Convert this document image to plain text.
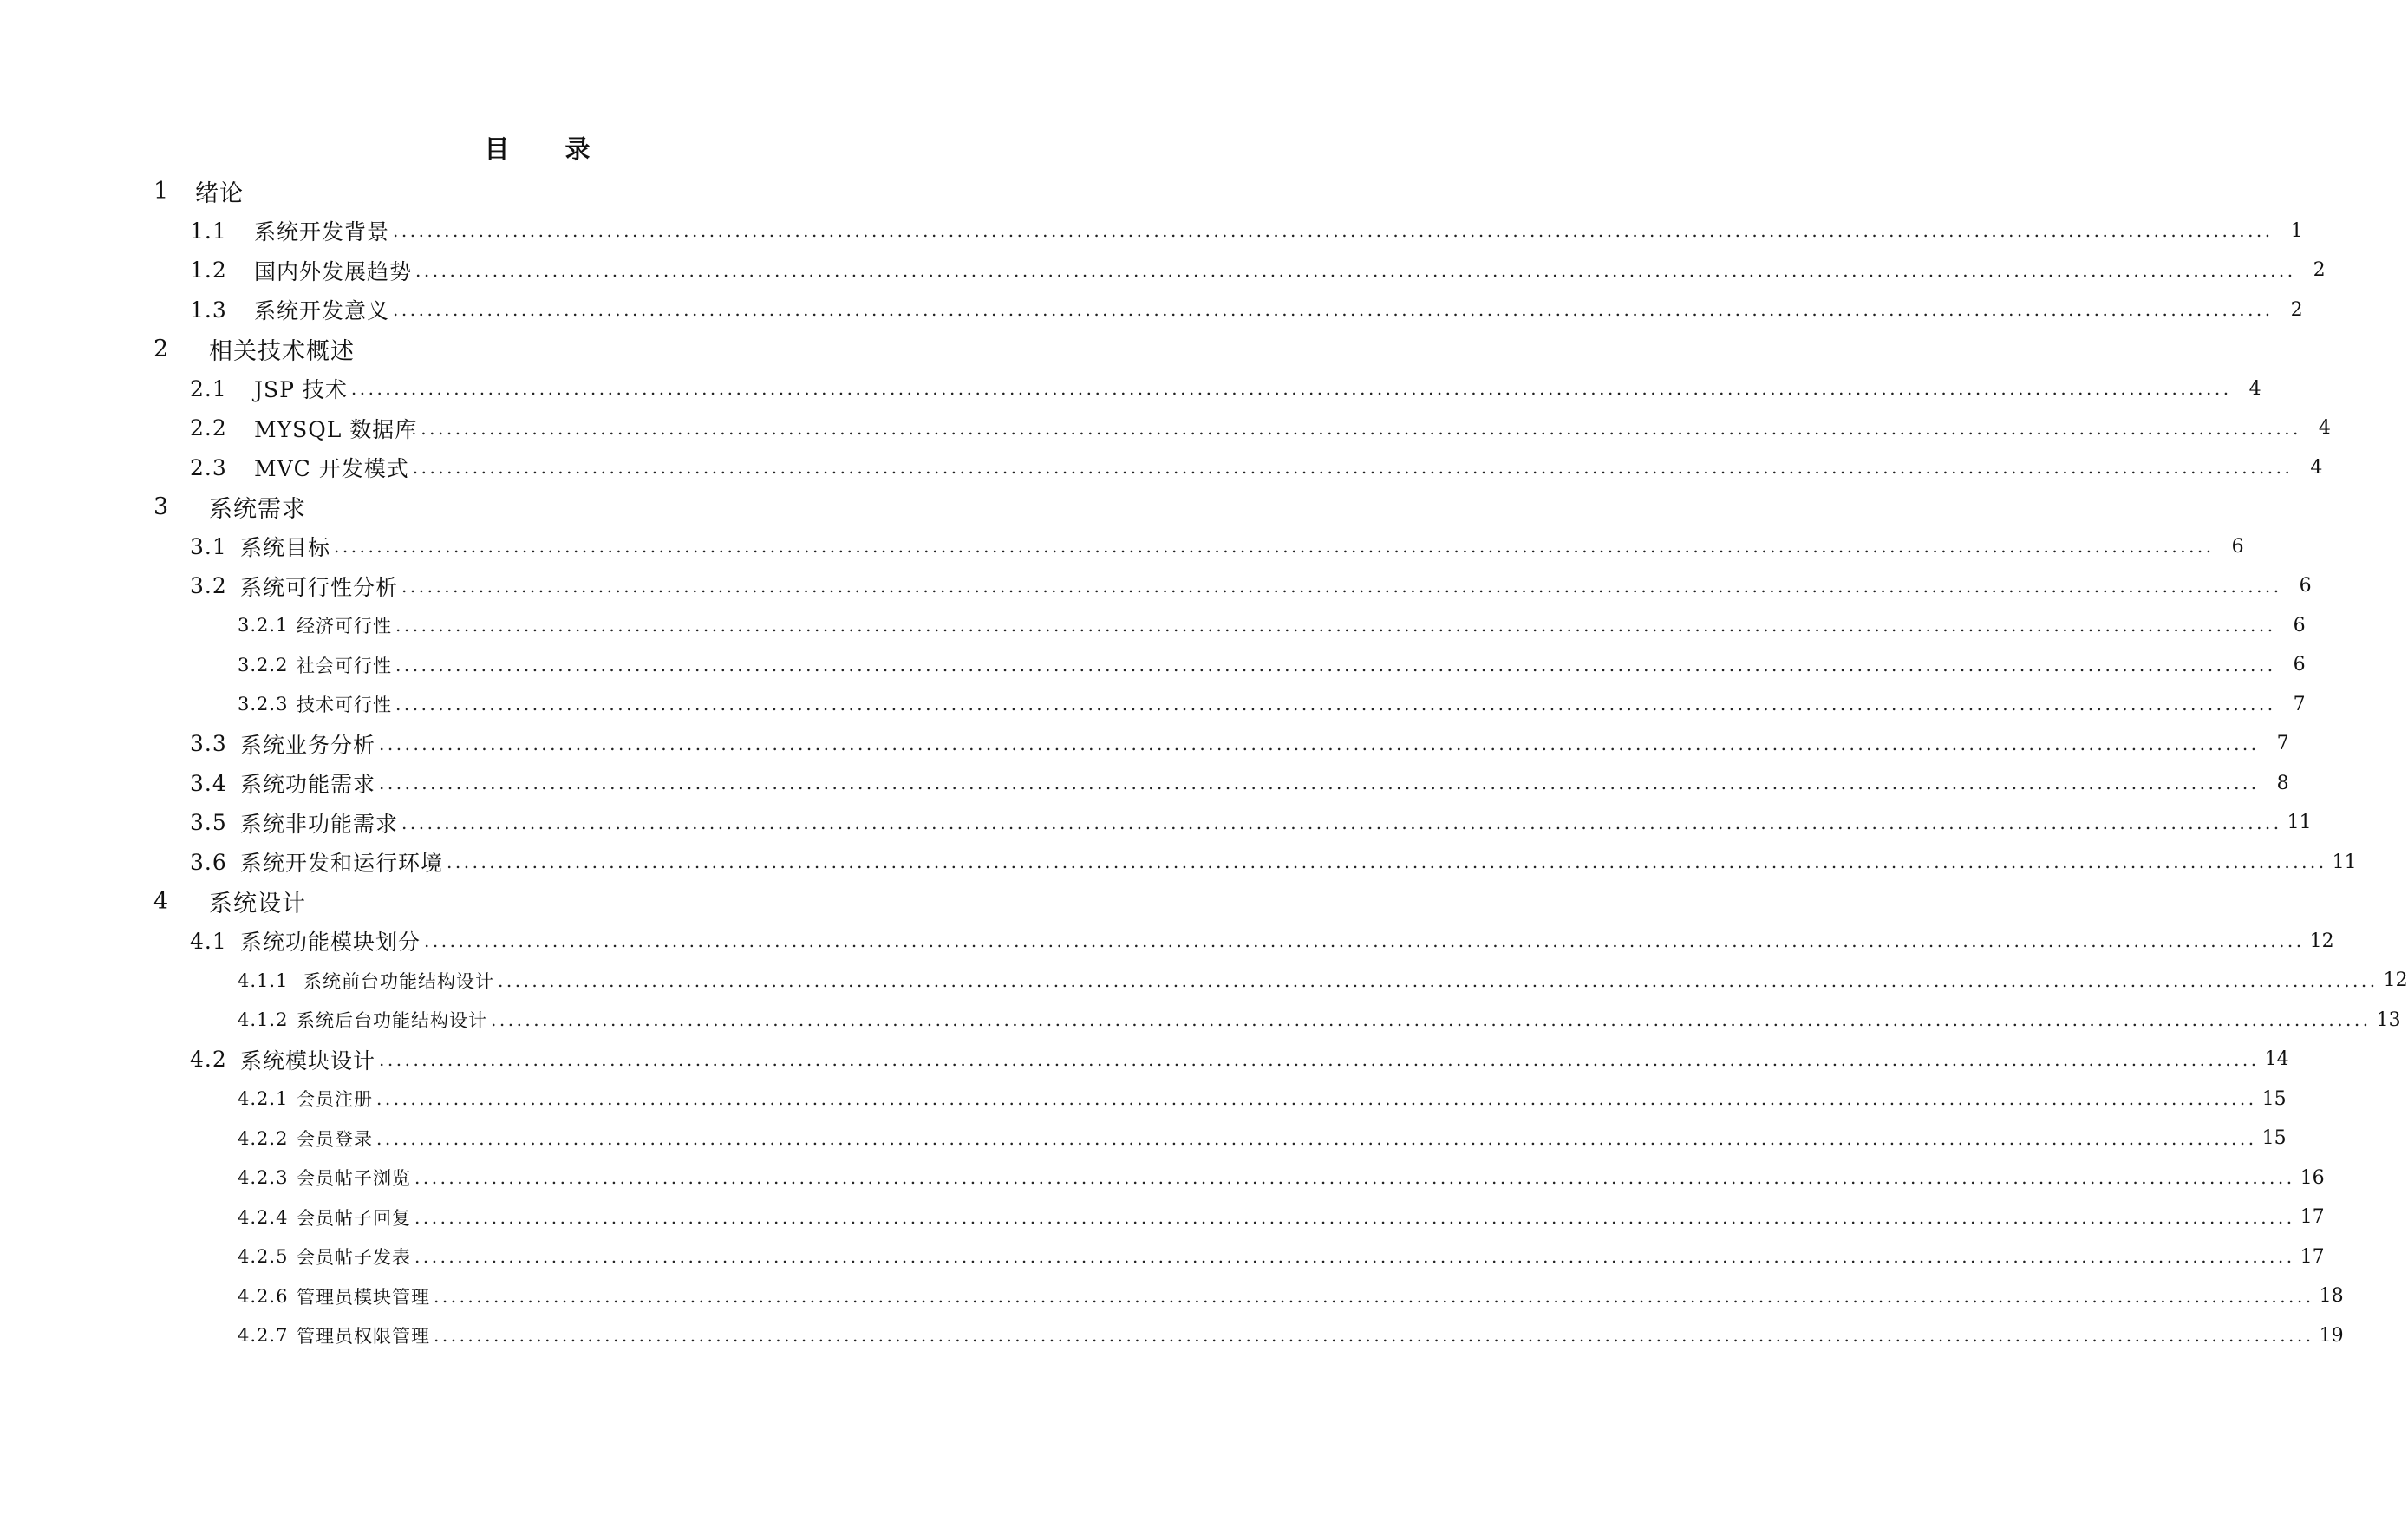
目 录
1	绪论
1.1	系统开发背景 ............................................................................................................................................................................................................................ 1
1.2	国内外发展趋势 ............................................................................................................................................................................................................................ 2
1.3	系统开发意义 ............................................................................................................................................................................................................................ 2
2	相关技术概述
2.1	JSP 技术 ............................................................................................................................................................................................................................ 4
2.2	MYSQL 数据库 ............................................................................................................................................................................................................................ 4
2.3	MVC 开发模式 ............................................................................................................................................................................................................................ 4
3	系统需求
3.1 系统目标 ............................................................................................................................................................................................................................ 6
3.2 系统可行性分析 ............................................................................................................................................................................................................................ 6
3.2.1 经济可行性 ............................................................................................................................................................................................................................ 6
3.2.2 社会可行性 ............................................................................................................................................................................................................................ 6
3.2.3 技术可行性 ............................................................................................................................................................................................................................ 7
3.3 系统业务分析 ............................................................................................................................................................................................................................ 7
3.4 系统功能需求 ............................................................................................................................................................................................................................ 8
3.5 系统非功能需求 ............................................................................................................................................................................................................................ 11
3.6 系统开发和运行环境 ............................................................................................................................................................................................................................ 11
4	系统设计
4.1 系统功能模块划分 ............................................................................................................................................................................................................................ 12
4.1.1 系统前台功能结构设计 ............................................................................................................................................................................................................................ 12
4.1.2 系统后台功能结构设计 ............................................................................................................................................................................................................................ 13
4.2 系统模块设计 ............................................................................................................................................................................................................................ 14
4.2.1 会员注册 ............................................................................................................................................................................................................................ 15
4.2.2 会员登录 ............................................................................................................................................................................................................................ 15
4.2.3 会员帖子浏览 ............................................................................................................................................................................................................................ 16
4.2.4 会员帖子回复 ............................................................................................................................................................................................................................ 17
4.2.5 会员帖子发表 ............................................................................................................................................................................................................................ 17
4.2.6 管理员模块管理 ............................................................................................................................................................................................................................ 18
4.2.7 管理员权限管理 ............................................................................................................................................................................................................................ 19
